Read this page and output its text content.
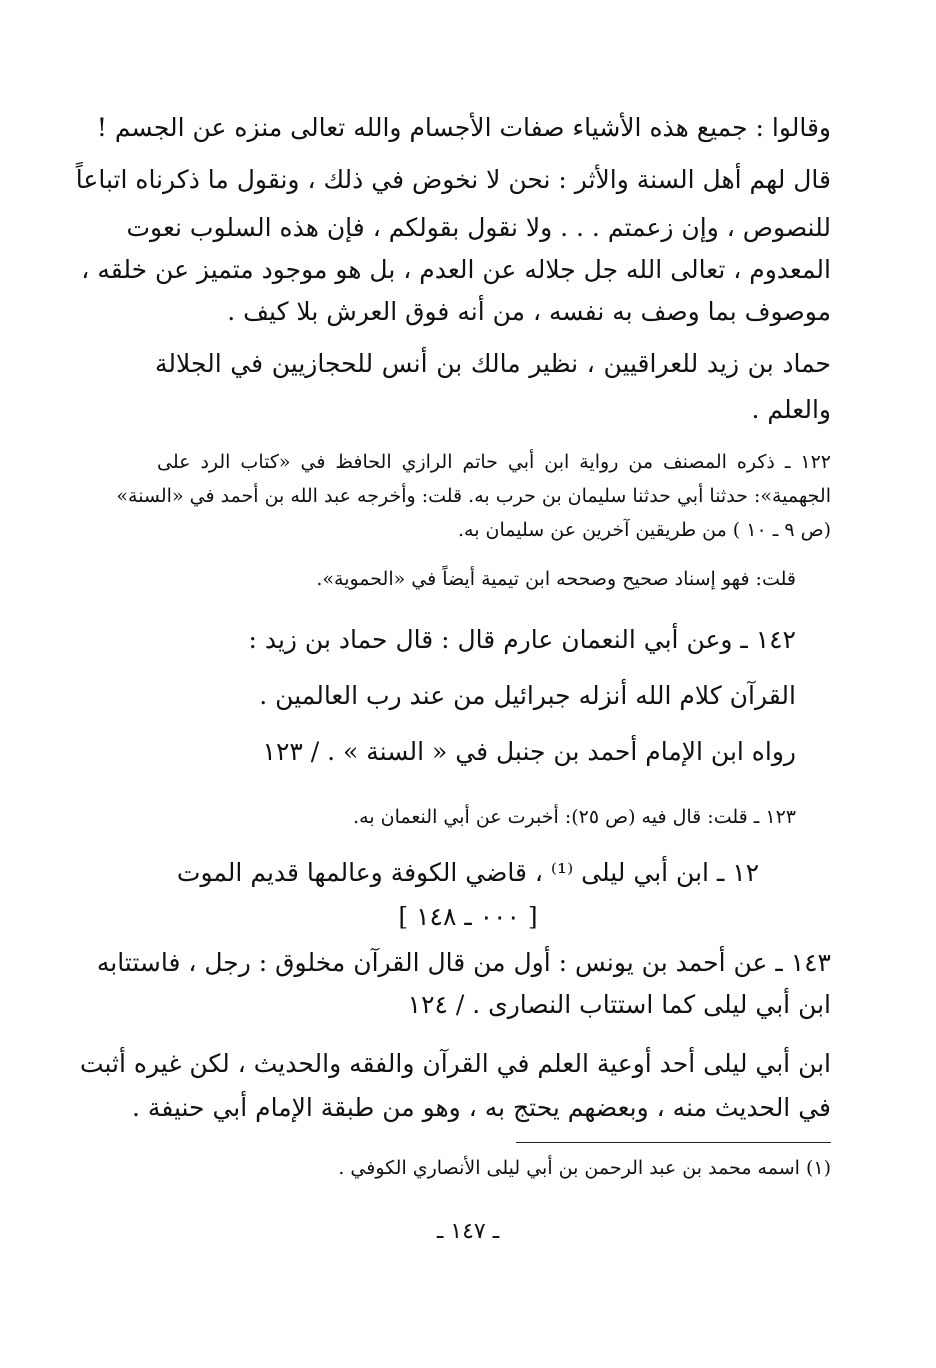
وقالوا : جميع هذه الأشياء صفات الأجسام والله تعالى منزه عن الجسم !
قال لهم أهل السنة والأثر : نحن لا نخوض في ذلك ، ونقول ما ذكرناه اتباعاً
للنصوص ، وإن زعمتم . . . ولا نقول بقولكم ، فإن هذه السلوب نعوت
المعدوم ، تعالى الله جل جلاله عن العدم ، بل هو موجود متميز عن خلقه ،
موصوف بما وصف به نفسه ، من أنه فوق العرش بلا كيف .
حماد بن زيد للعراقيين ، نظير مالك بن أنس للحجازيين في الجلالة
والعلم .
١٢٢ ـ ذكره المصنف من رواية ابن أبي حاتم الرازي الحافظ في «كتاب الرد على
الجهمية»: حدثنا أبي حدثنا سليمان بن حرب به. قلت: وأخرجه عبد الله بن أحمد في «السنة»
(ص ٩ ـ ١٠ ) من طريقين آخرين عن سليمان به.
قلت: فهو إسناد صحيح وصححه ابن تيمية أيضاً في «الحموية».
١٤٢ ـ وعن أبي النعمان عارم قال : قال حماد بن زيد :
القرآن كلام الله أنزله جبرائيل من عند رب العالمين .
رواه ابن الإمام أحمد بن جنبل في « السنة » . / ١٢٣
١٢٣ ـ قلت: قال فيه (ص ٢٥): أخبرت عن أبي النعمان به.
١٢ ـ ابن أبي ليلى ⁽¹⁾ ، قاضي الكوفة وعالمها قديم الموت
[ ٠٠٠ ـ ١٤٨ ]
١٤٣ ـ عن أحمد بن يونس : أول من قال القرآن مخلوق : رجل ، فاستتابه
ابن أبي ليلى كما استتاب النصارى . / ١٢٤
ابن أبي ليلى أحد أوعية العلم في القرآن والفقه والحديث ، لكن غيره أثبت
في الحديث منه ، وبعضهم يحتج به ، وهو من طبقة الإمام أبي حنيفة .
(١) اسمه محمد بن عبد الرحمن بن أبي ليلى الأنصاري الكوفي .
ـ ١٤٧ ـ
